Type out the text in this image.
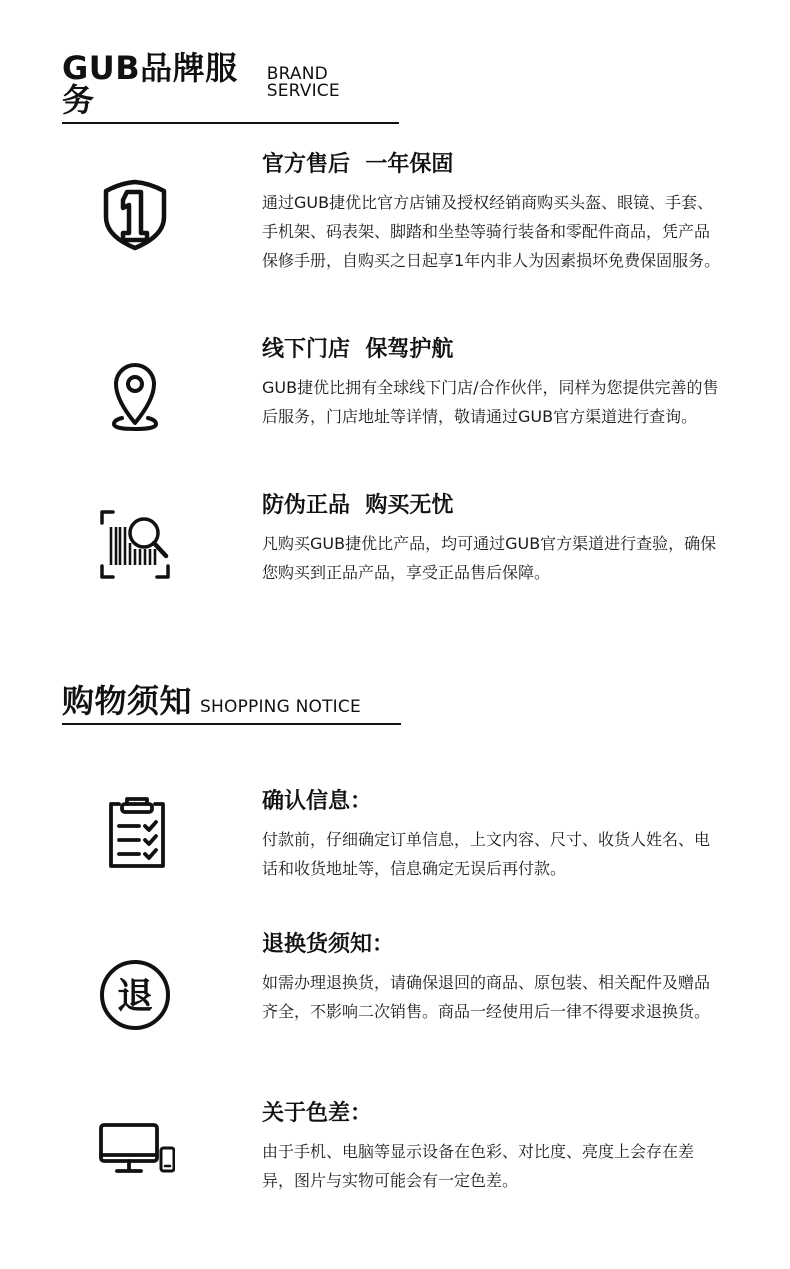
GUB品牌服务
BRAND SERVICE
官方售后  一年保固
通过GUB捷优比官方店铺及授权经销商购买头盔、眼镜、手套、手机架、码表架、脚踏和坐垫等骑行装备和零配件商品，凭产品保修手册，自购买之日起享1年内非人为因素损坏免费保固服务。
线下门店  保驾护航
GUB捷优比拥有全球线下门店/合作伙伴，同样为您提供完善的售后服务，门店地址等详情，敬请通过GUB官方渠道进行查询。
防伪正品  购买无忧
凡购买GUB捷优比产品，均可通过GUB官方渠道进行查验，确保您购买到正品产品，享受正品售后保障。
购物须知 SHOPPING NOTICE
确认信息：
付款前，仔细确定订单信息，上文内容、尺寸、收货人姓名、电话和收货地址等，信息确定无误后再付款。
退
退换货须知：
如需办理退换货，请确保退回的商品、原包装、相关配件及赠品齐全，不影响二次销售。商品一经使用后一律不得要求退换货。
关于色差：
由于手机、电脑等显示设备在色彩、对比度、亮度上会存在差异，图片与实物可能会有一定色差。
